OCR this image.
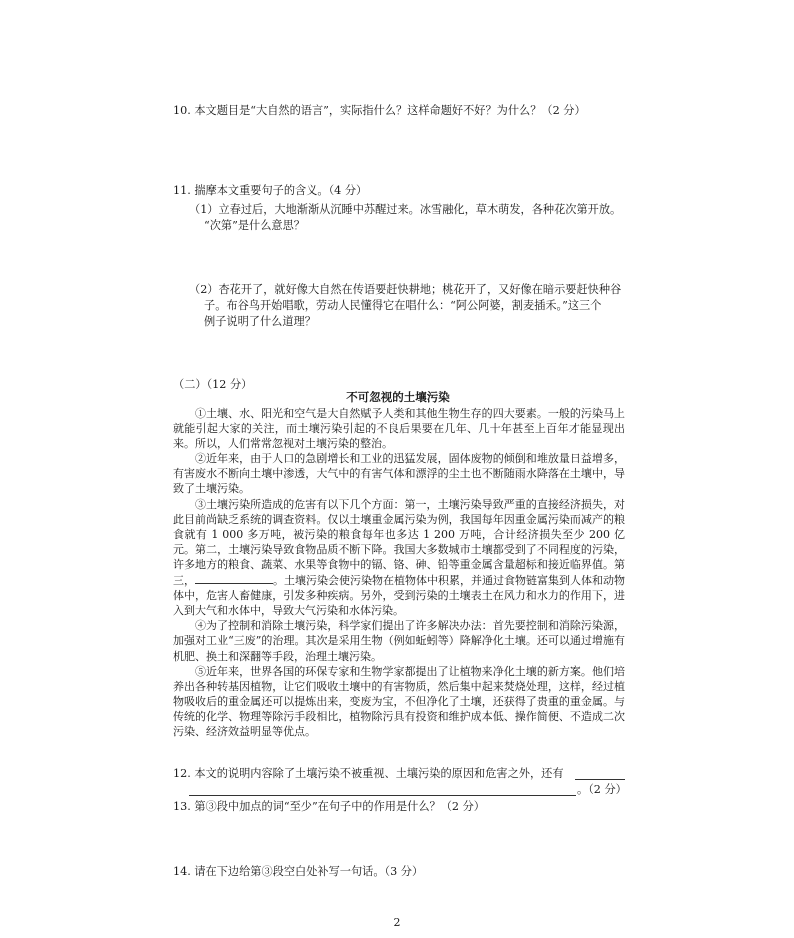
10. 本文题目是“大自然的语言”，实际指什么？这样命题好不好？为什么？（2 分）
11. 揣摩本文重要句子的含义。（4 分）
（1）立春过后，大地渐渐从沉睡中苏醒过来。冰雪融化，草木萌发，各种花次第开放。
“次第”是什么意思？
（2）杏花开了，就好像大自然在传语要赶快耕地；桃花开了，又好像在暗示要赶快种谷
子。布谷鸟开始唱歌，劳动人民懂得它在唱什么：“阿公阿婆，割麦插禾。”这三个
例子说明了什么道理？
（二）（12 分）
不可忽视的土壤污染

①土壤、水、阳光和空气是大自然赋予人类和其他生物生存的四大要素。一般的污染马上就能引起大家的关注，而土壤污染引起的不良后果要在几年、几十年甚至上百年才能显现出来。所以，人们常常忽视对土壤污染的整治。

②近年来，由于人口的急剧增长和工业的迅猛发展，固体废物的倾倒和堆放量日益增多，有害废水不断向土壤中渗透，大气中的有害气体和漂浮的尘土也不断随雨水降落在土壤中，导致了土壤污染。

③土壤污染所造成的危害有以下几个方面：第一，土壤污染导致严重的直接经济损失，对此目前尚缺乏系统的调查资料。仅以土壤重金属污染为例，我国每年因重金属污染而减产的粮食就有 1 000 多万吨，被污染的粮食每年也多达 1 200 万吨，合计经济损失至少 200 亿元。第二，土壤污染导致食物品质不断下降。我国大多数城市土壤都受到了不同程度的污染，许多地方的粮食、蔬菜、水果等食物中的镉、铬、砷、铅等重金属含量超标和接近临界值。第三，	。土壤污染会使污染物在植物体中积累，并通过食物链富集到人体和动物体中，危害人畜健康，引发多种疾病。另外，受到污染的土壤表土在风力和水力的作用下，进入到大气和水体中，导致大气污染和水体污染。

④为了控制和消除土壤污染，科学家们提出了许多解决办法：首先要控制和消除污染源，加强对工业“三废”的治理。其次是采用生物（例如蚯蚓等）降解净化土壤。还可以通过增施有机肥、换土和深翻等手段，治理土壤污染。

⑤近年来，世界各国的环保专家和生物学家都提出了让植物来净化土壤的新方案。他们培养出各种转基因植物，让它们吸收土壤中的有害物质，然后集中起来焚烧处理，这样，经过植物吸收后的重金属还可以提炼出来，变废为宝，不但净化了土壤，还获得了贵重的重金属。与传统的化学、物理等除污手段相比，植物除污具有投资和维护成本低、操作简便、不造成二次污染、经济效益明显等优点。

12. 本文的说明内容除了土壤污染不被重视、土壤污染的原因和危害之外，还有
。（2 分）
13. 第③段中加点的词“至少”在句子中的作用是什么？（2 分）
14. 请在下边给第③段空白处补写一句话。（3 分）
2
